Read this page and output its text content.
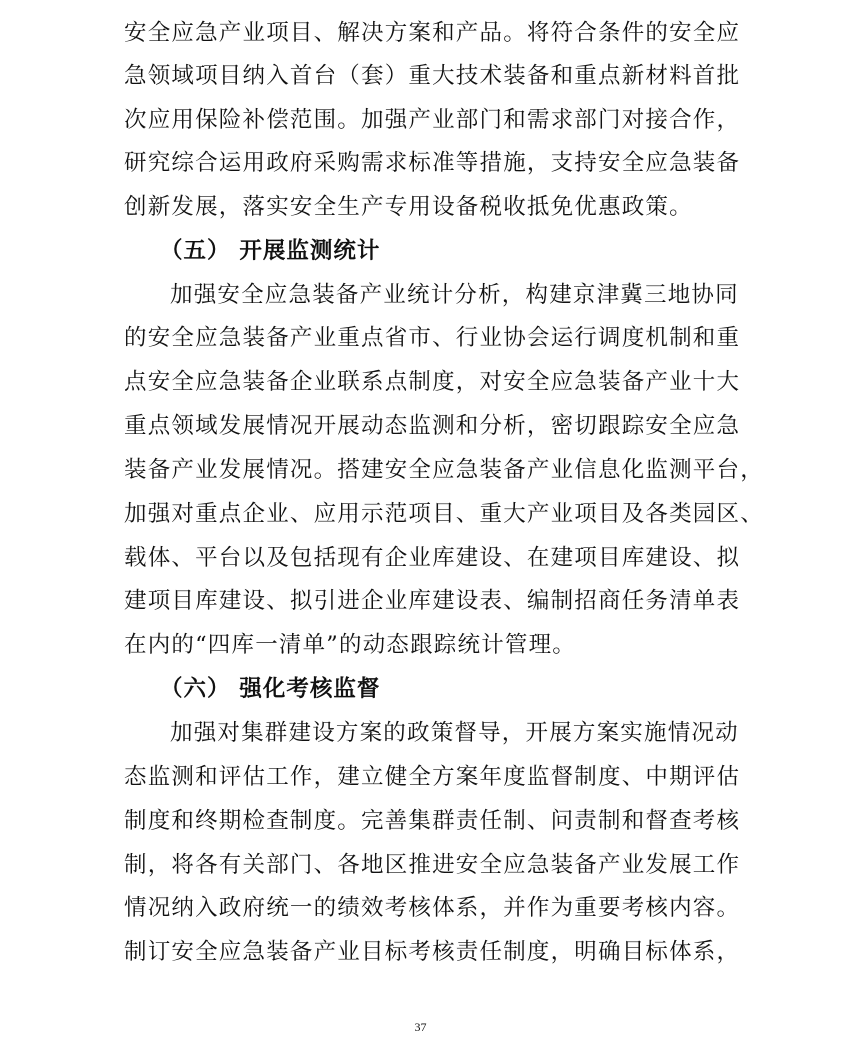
安全应急产业项目、解决方案和产品。将符合条件的安全应
急领域项目纳入首台（套）重大技术装备和重点新材料首批
次应用保险补偿范围。加强产业部门和需求部门对接合作，
研究综合运用政府采购需求标准等措施，支持安全应急装备
创新发展，落实安全生产专用设备税收抵免优惠政策。
（五） 开展监测统计
加强安全应急装备产业统计分析，构建京津冀三地协同
的安全应急装备产业重点省市、行业协会运行调度机制和重
点安全应急装备企业联系点制度，对安全应急装备产业十大
重点领域发展情况开展动态监测和分析，密切跟踪安全应急
装备产业发展情况。搭建安全应急装备产业信息化监测平台，
加强对重点企业、应用示范项目、重大产业项目及各类园区、
载体、平台以及包括现有企业库建设、在建项目库建设、拟
建项目库建设、拟引进企业库建设表、编制招商任务清单表
在内的“四库一清单”的动态跟踪统计管理。
（六） 强化考核监督
加强对集群建设方案的政策督导，开展方案实施情况动
态监测和评估工作，建立健全方案年度监督制度、中期评估
制度和终期检查制度。完善集群责任制、问责制和督查考核
制，将各有关部门、各地区推进安全应急装备产业发展工作
情况纳入政府统一的绩效考核体系，并作为重要考核内容。
制订安全应急装备产业目标考核责任制度，明确目标体系，
37
